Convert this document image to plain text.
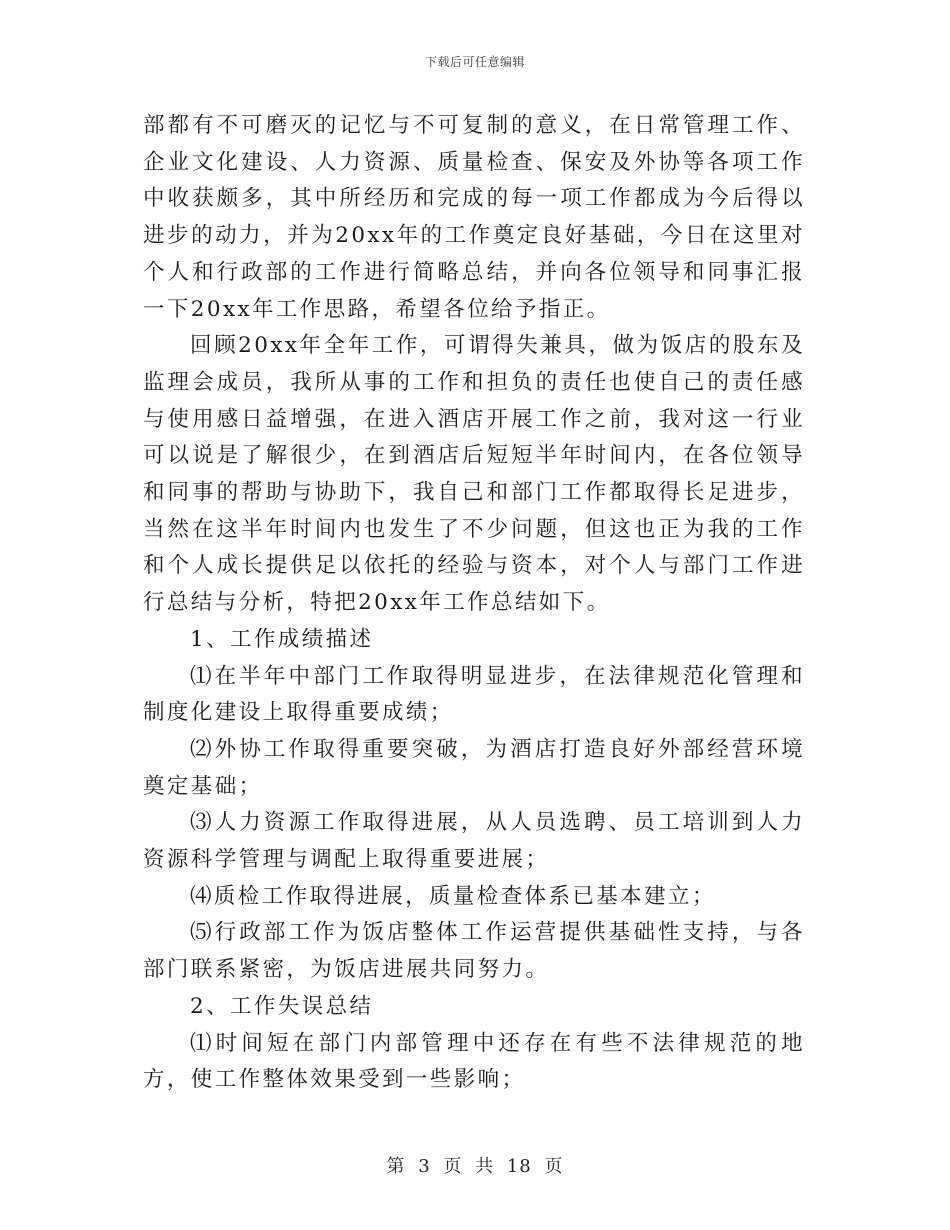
下载后可任意编辑

部都有不可磨灭的记忆与不可复制的意义，在日常管理工作、企业文化建设、人力资源、质量检查、保安及外协等各项工作中收获颇多，其中所经历和完成的每一项工作都成为今后得以进步的动力，并为20xx年的工作奠定良好基础，今日在这里对个人和行政部的工作进行简略总结，并向各位领导和同事汇报一下20xx年工作思路，希望各位给予指正。

回顾20xx年全年工作，可谓得失兼具，做为饭店的股东及监理会成员，我所从事的工作和担负的责任也使自己的责任感与使用感日益增强，在进入酒店开展工作之前，我对这一行业可以说是了解很少，在到酒店后短短半年时间内，在各位领导和同事的帮助与协助下，我自己和部门工作都取得长足进步，当然在这半年时间内也发生了不少问题，但这也正为我的工作和个人成长提供足以依托的经验与资本，对个人与部门工作进行总结与分析，特把20xx年工作总结如下。

1、工作成绩描述

⑴在半年中部门工作取得明显进步，在法律规范化管理和制度化建设上取得重要成绩；

⑵外协工作取得重要突破，为酒店打造良好外部经营环境奠定基础；

⑶人力资源工作取得进展，从人员选聘、员工培训到人力资源科学管理与调配上取得重要进展；

⑷质检工作取得进展，质量检查体系已基本建立；

⑸行政部工作为饭店整体工作运营提供基础性支持，与各部门联系紧密，为饭店进展共同努力。

2、工作失误总结

⑴时间短在部门内部管理中还存在有些不法律规范的地方，使工作整体效果受到一些影响；

第 3 页 共 18 页
